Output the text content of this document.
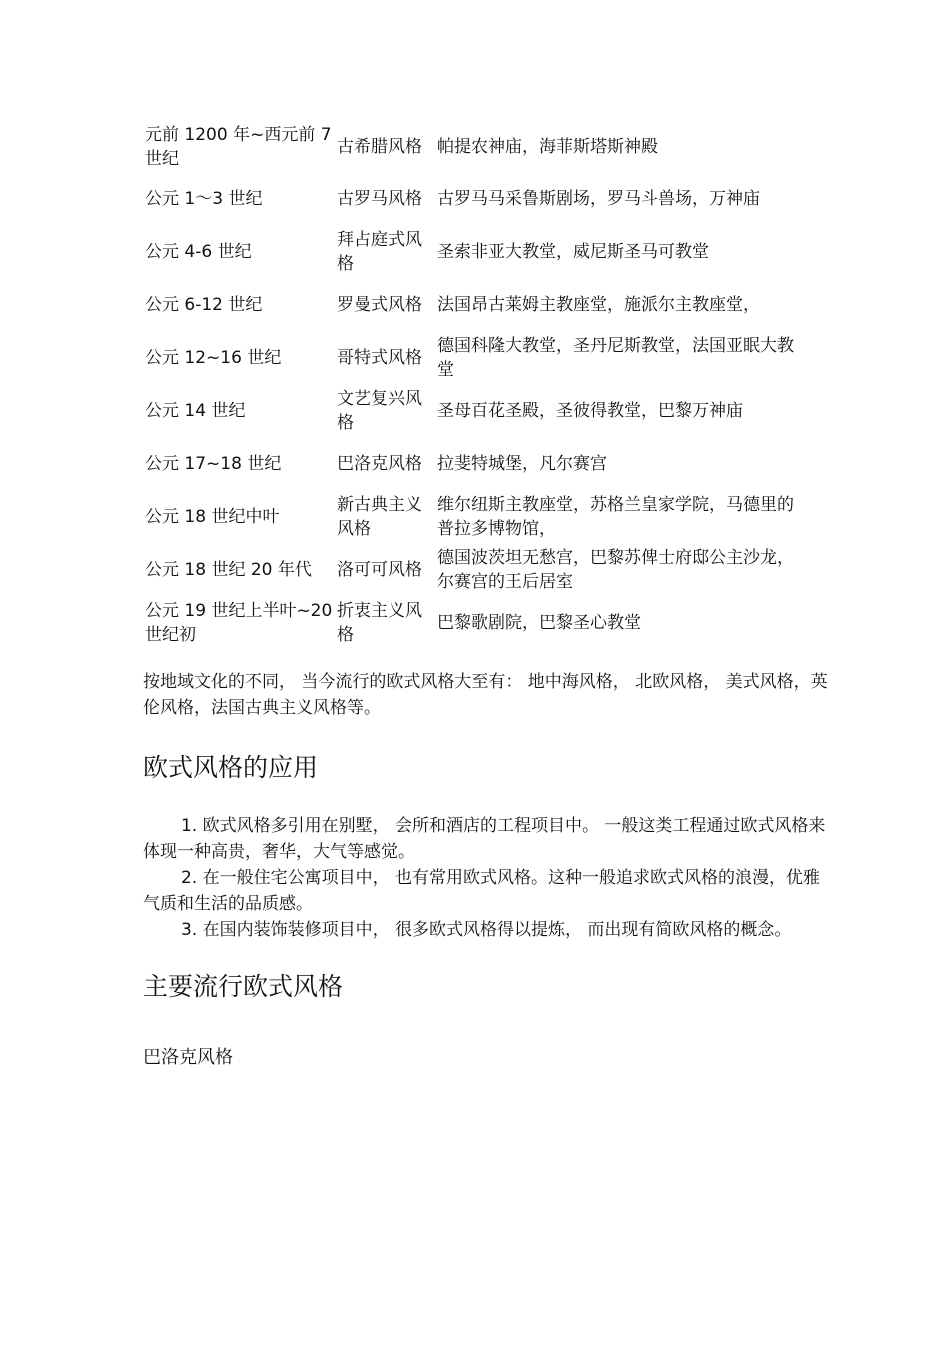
元前 1200 年~西元前 7 世纪	古希腊风格	帕提农神庙，海菲斯塔斯神殿
公元 1～3 世纪	古罗马风格	古罗马马采鲁斯剧场，罗马斗兽场，万神庙
公元 4-6 世纪	拜占庭式风格	圣索非亚大教堂，威尼斯圣马可教堂
公元 6-12 世纪	罗曼式风格	法国昂古莱姆主教座堂，施派尔主教座堂，
公元 12~16 世纪	哥特式风格	德国科隆大教堂，圣丹尼斯教堂，法国亚眠大教堂
公元 14 世纪	文艺复兴风格	圣母百花圣殿，圣彼得教堂，巴黎万神庙
公元 17~18 世纪	巴洛克风格	拉斐特城堡，凡尔赛宫
公元 18 世纪中叶	新古典主义风格	维尔纽斯主教座堂，苏格兰皇家学院，马德里的普拉多博物馆，
公元 18 世纪 20 年代	洛可可风格	德国波茨坦无愁宫，巴黎苏俾士府邸公主沙龙，尔赛宫的王后居室
公元 19 世纪上半叶~20 世纪初	折衷主义风格	巴黎歌剧院，巴黎圣心教堂

按地域文化的不同， 当今流行的欧式风格大至有： 地中海风格， 北欧风格， 美式风格，英伦风格，法国古典主义风格等。

欧式风格的应用
1. 欧式风格多引用在别墅， 会所和酒店的工程项目中。 一般这类工程通过欧式风格来体现一种高贵，奢华，大气等感觉。
2. 在一般住宅公寓项目中， 也有常用欧式风格。这种一般追求欧式风格的浪漫，优雅气质和生活的品质感。
3. 在国内装饰装修项目中， 很多欧式风格得以提炼， 而出现有简欧风格的概念。
主要流行欧式风格

巴洛克风格
